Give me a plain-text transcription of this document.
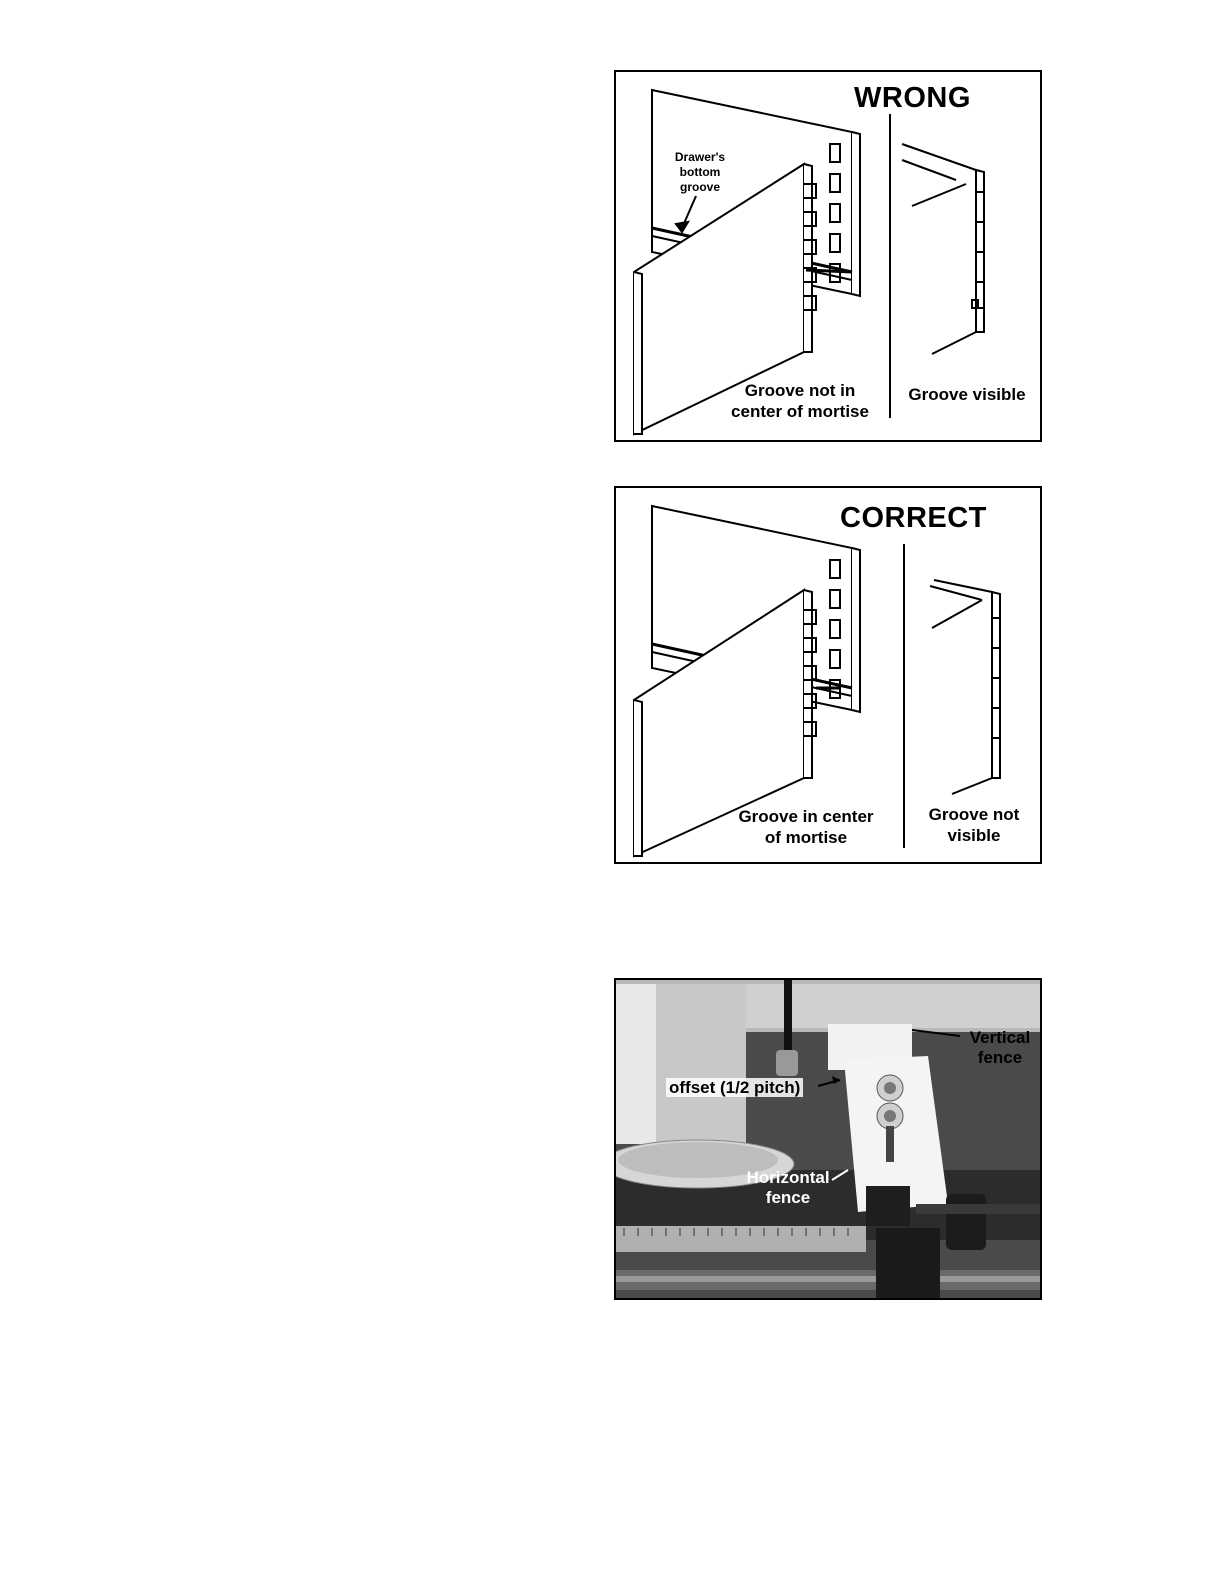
WRONG
Drawer's
bottom
groove
Groove not in
center of mortise
Groove visible
CORRECT
Groove in center
of mortise
Groove not
visible
Vertical
fence
offset (1/2 pitch)
Horizontal
fence
